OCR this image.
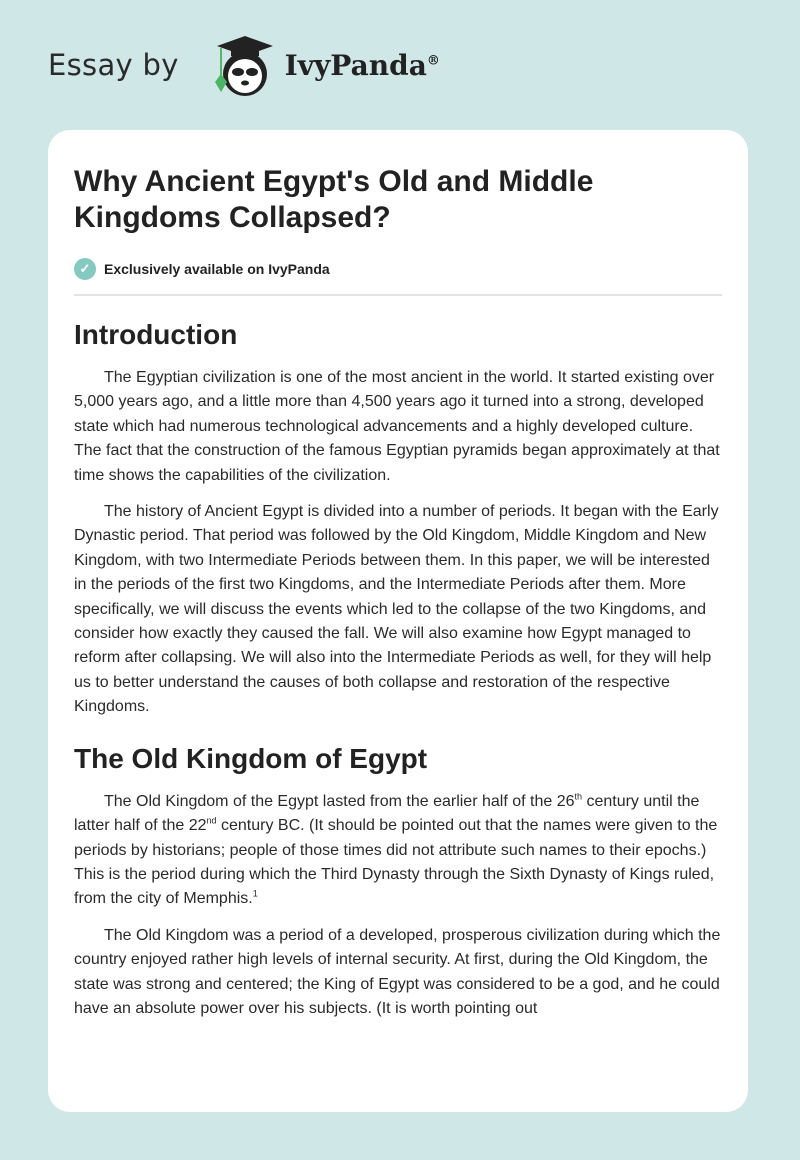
Essay by	IvyPanda®
Why Ancient Egypt's Old and Middle Kingdoms Collapsed?
✓ Exclusively available on IvyPanda
Introduction

The Egyptian civilization is one of the most ancient in the world. It started existing over 5,000 years ago, and a little more than 4,500 years ago it turned into a strong, developed state which had numerous technological advancements and a highly developed culture. The fact that the construction of the famous Egyptian pyramids began approximately at that time shows the capabilities of the civilization.

The history of Ancient Egypt is divided into a number of periods. It began with the Early Dynastic period. That period was followed by the Old Kingdom, Middle Kingdom and New Kingdom, with two Intermediate Periods between them. In this paper, we will be interested in the periods of the first two Kingdoms, and the Intermediate Periods after them. More specifically, we will discuss the events which led to the collapse of the two Kingdoms, and consider how exactly they caused the fall. We will also examine how Egypt managed to reform after collapsing. We will also into the Intermediate Periods as well, for they will help us to better understand the causes of both collapse and restoration of the respective Kingdoms.

The Old Kingdom of Egypt

The Old Kingdom of the Egypt lasted from the earlier half of the 26th century until the latter half of the 22nd century BC. (It should be pointed out that the names were given to the periods by historians; people of those times did not attribute such names to their epochs.) This is the period during which the Third Dynasty through the Sixth Dynasty of Kings ruled, from the city of Memphis.$^1$

The Old Kingdom was a period of a developed, prosperous civilization during which the country enjoyed rather high levels of internal security. At first, during the Old Kingdom, the state was strong and centered; the King of Egypt was considered to be a god, and he could have an absolute power over his subjects. (It is worth pointing out
